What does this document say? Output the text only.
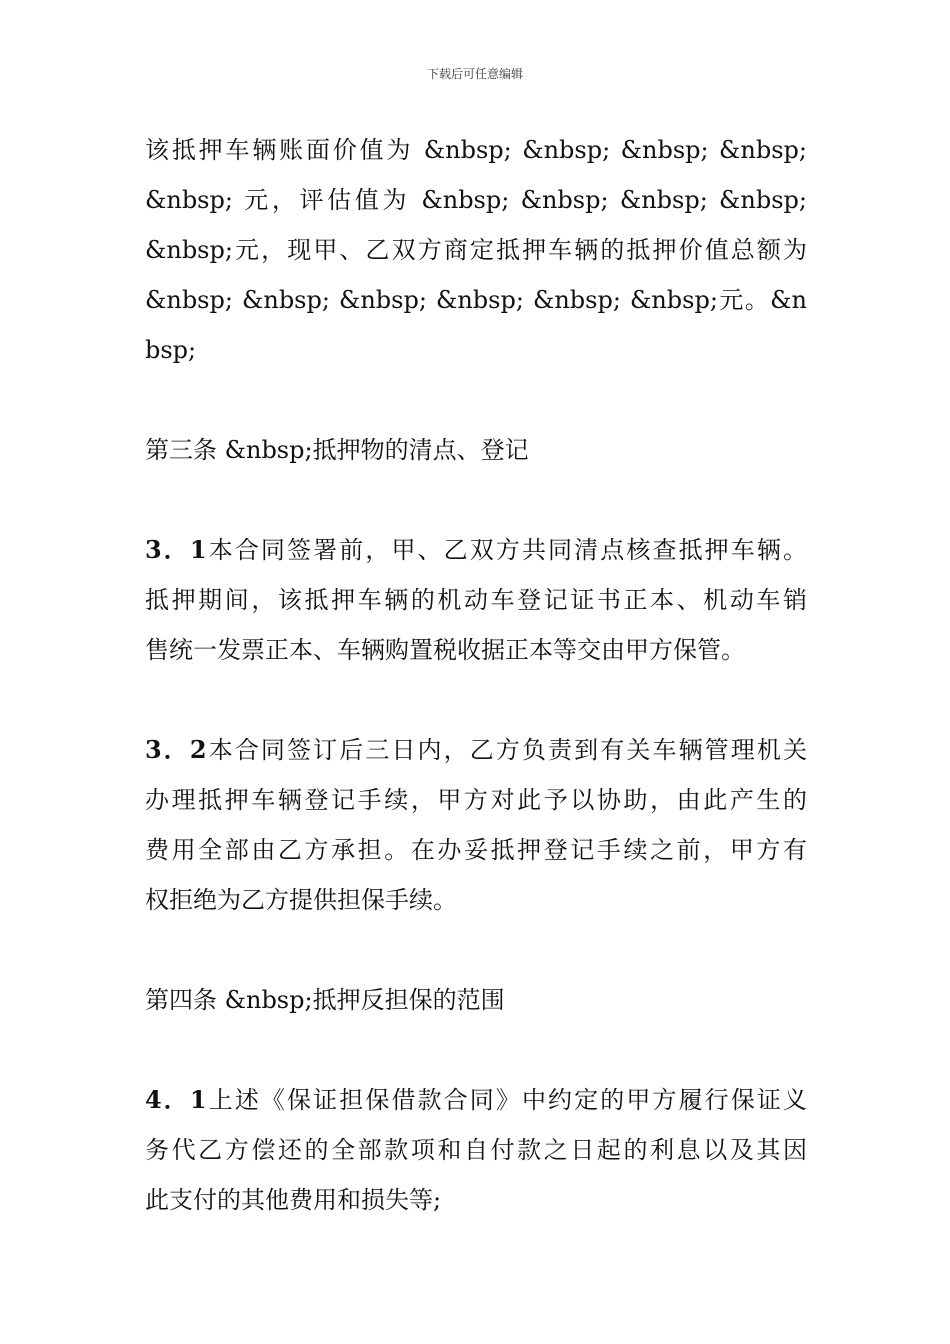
下载后可任意编辑
该抵押车辆账面价值为 &nbsp; &nbsp; &nbsp; &nbsp;
&nbsp; 元，评估值为 &nbsp; &nbsp; &nbsp; &nbsp;
&nbsp;元，现甲、乙双方商定抵押车辆的抵押价值总额为
&nbsp; &nbsp; &nbsp; &nbsp; &nbsp; &nbsp;元。&nbsp;
第三条 &nbsp;抵押物的清点、登记
3．1本合同签署前，甲、乙双方共同清点核查抵押车辆。
抵押期间，该抵押车辆的机动车登记证书正本、机动车销
售统一发票正本、车辆购置税收据正本等交由甲方保管。
3．2本合同签订后三日内，乙方负责到有关车辆管理机关
办理抵押车辆登记手续，甲方对此予以协助，由此产生的
费用全部由乙方承担。在办妥抵押登记手续之前，甲方有
权拒绝为乙方提供担保手续。
第四条 &nbsp;抵押反担保的范围
4．1上述《保证担保借款合同》中约定的甲方履行保证义
务代乙方偿还的全部款项和自付款之日起的利息以及其因
此支付的其他费用和损失等;
